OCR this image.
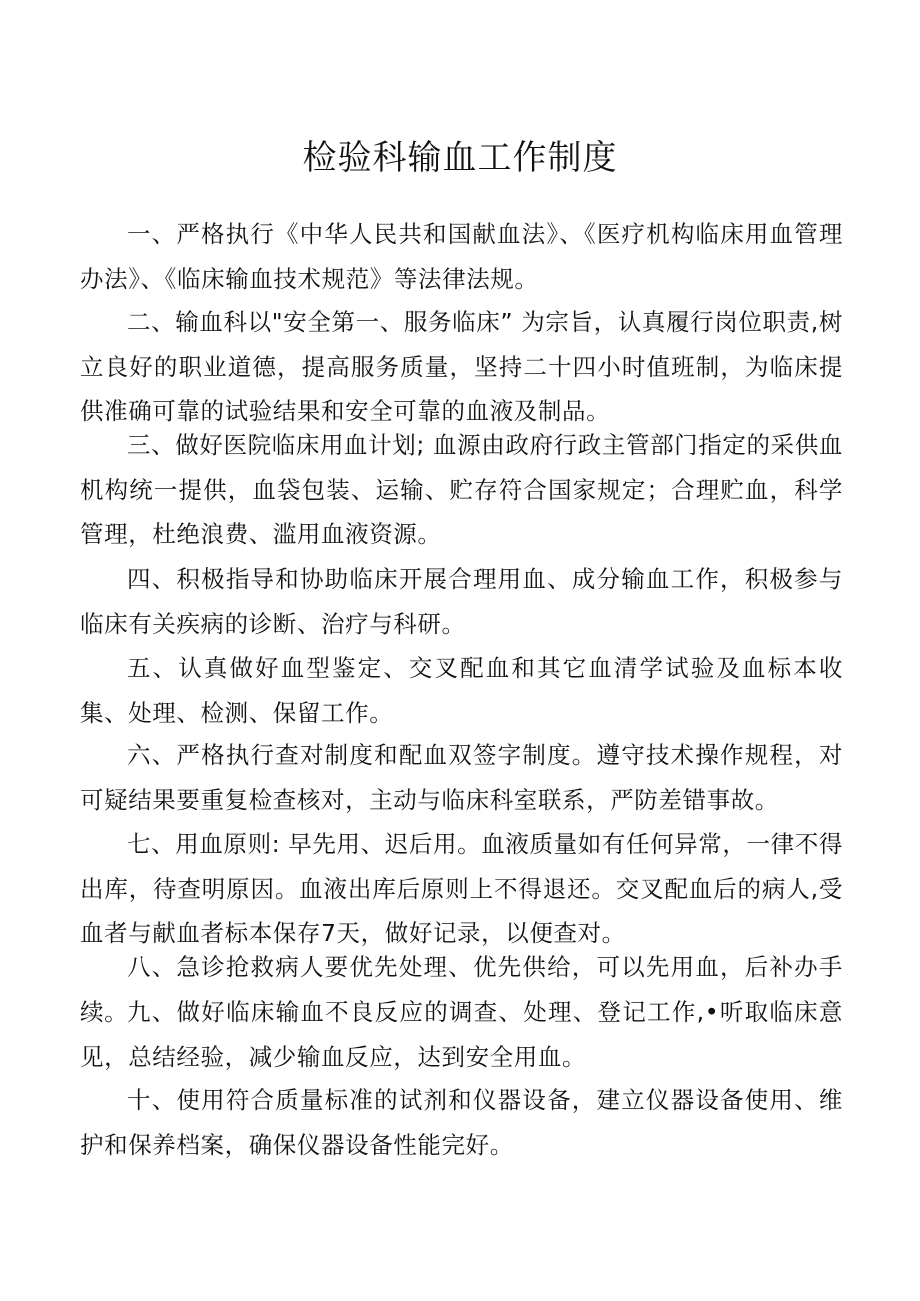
检验科输血工作制度

一、严格执行《中华人民共和国献血法》、《医疗机构临床用血管理办法》、《临床输血技术规范》等法律法规。

二、输血科以"安全第一、服务临床” 为宗旨，认真履行岗位职责,树立良好的职业道德，提高服务质量，坚持二十四小时值班制，为临床提供准确可靠的试验结果和安全可靠的血液及制品。

三、做好医院临床用血计划; 血源由政府行政主管部门指定的采供血机构统一提供，血袋包装、运输、贮存符合国家规定；合理贮血，科学管理，杜绝浪费、滥用血液资源。

四、积极指导和协助临床开展合理用血、成分输血工作，积极参与临床有关疾病的诊断、治疗与科研。

五、认真做好血型鉴定、交叉配血和其它血清学试验及血标本收集、处理、检测、保留工作。

六、严格执行查对制度和配血双签字制度。遵守技术操作规程，对可疑结果要重复检查核对，主动与临床科室联系，严防差错事故。

七、用血原则: 早先用、迟后用。血液质量如有任何异常，一律不得出库，待查明原因。血液出库后原则上不得退还。交叉配血后的病人,受血者与献血者标本保存7天，做好记录，以便查对。

八、急诊抢救病人要优先处理、优先供给，可以先用血，后补办手续。

九、做好临床输血不良反应的调查、处理、登记工作,•听取临床意见，总结经验，减少输血反应，达到安全用血。

十、使用符合质量标准的试剂和仪器设备，建立仪器设备使用、维护和保养档案，确保仪器设备性能完好。
